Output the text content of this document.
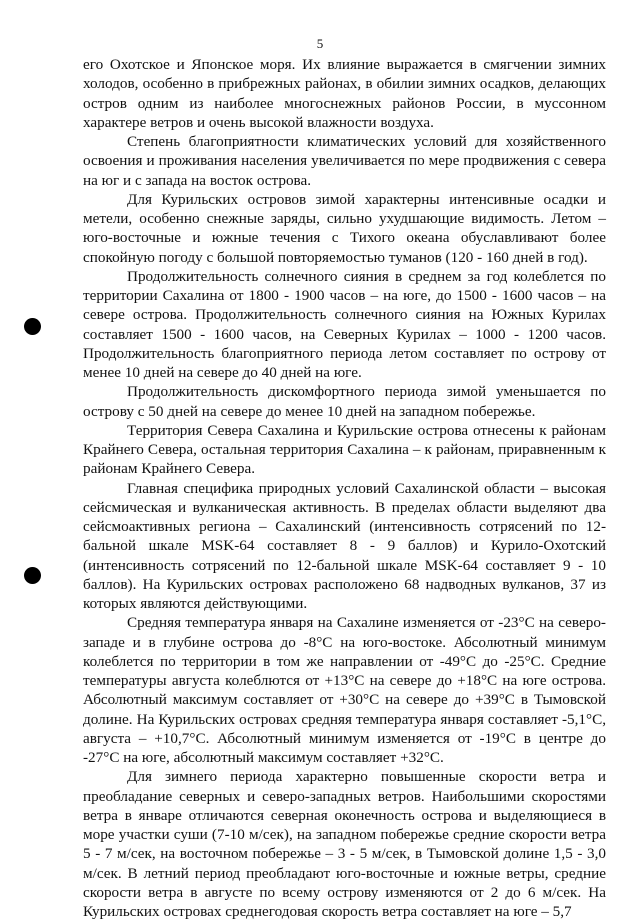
5

его Охотское и Японское моря. Их влияние выражается в смягчении зимних холодов, особенно в прибрежных районах, в обилии зимних осадков, делающих остров одним из наиболее многоснежных районов России, в муссонном характере ветров и очень высокой влажности воздуха.

Степень благоприятности климатических условий для хозяйственного освоения и проживания населения увеличивается по мере продвижения с севера на юг и с запада на восток острова.

Для Курильских островов зимой характерны интенсивные осадки и метели, особенно снежные заряды, сильно ухудшающие видимость. Летом – юго-восточные и южные течения с Тихого океана обуславливают более спокойную погоду с большой повторяемостью туманов (120 - 160 дней в год).

Продолжительность солнечного сияния в среднем за год колеблется по территории Сахалина от 1800 - 1900 часов – на юге, до 1500 - 1600 часов – на севере острова. Продолжительность солнечного сияния на Южных Курилах составляет 1500 - 1600 часов, на Северных Курилах – 1000 - 1200 часов. Продолжительность благоприятного периода летом составляет по острову от менее 10 дней на севере до 40 дней на юге.

Продолжительность дискомфортного периода зимой уменьшается по острову с 50 дней на севере до менее 10 дней на западном побережье.

Территория Севера Сахалина и Курильские острова отнесены к районам Крайнего Севера, остальная территория Сахалина – к районам, приравненным к районам Крайнего Севера.

Главная специфика природных условий Сахалинской области – высокая сейсмическая и вулканическая активность. В пределах области выделяют два сейсмоактивных региона – Сахалинский (интенсивность сотрясений по 12-бальной шкале MSK-64 составляет 8 - 9 баллов) и Курило-Охотский (интенсивность сотрясений по 12-бальной шкале MSK-64 составляет 9 - 10 баллов). На Курильских островах расположено 68 надводных вулканов, 37 из которых являются действующими.

Средняя температура января на Сахалине изменяется от -23°С на северо-западе и в глубине острова до -8°С на юго-востоке. Абсолютный минимум колеблется по территории в том же направлении от -49°С до -25°С. Средние температуры августа колеблются от +13°С на севере до +18°С на юге острова. Абсолютный максимум составляет от +30°С на севере до +39°С в Тымовской долине. На Курильских островах средняя температура января составляет -5,1°С, августа – +10,7°С. Абсолютный минимум изменяется от -19°С в центре до -27°С на юге, абсолютный максимум составляет +32°С.

Для зимнего периода характерно повышенные скорости ветра и преобладание северных и северо-западных ветров. Наибольшими скоростями ветра в январе отличаются северная оконечность острова и выделяющиеся в море участки суши (7-10 м/сек), на западном побережье средние скорости ветра 5 - 7 м/сек, на восточном побережье – 3 - 5 м/сек, в Тымовской долине 1,5 - 3,0 м/сек. В летний период преобладают юго-восточные и южные ветры, средние скорости ветра в августе по всему острову изменяются от 2 до 6 м/сек. На Курильских островах среднегодовая скорость ветра составляет на юге – 5,7
